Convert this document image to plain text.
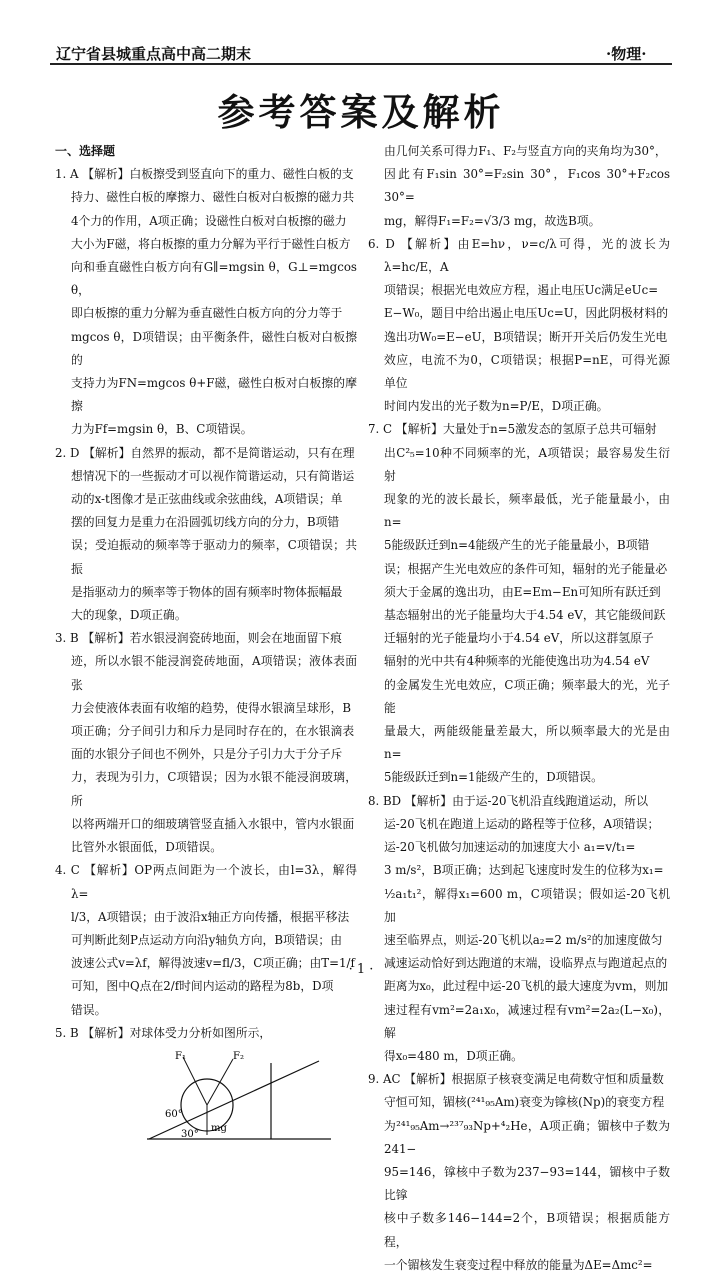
辽宁省县城重点高中高二期末	·物理·
参考答案及解析
一、选择题
1. A 【解析】白板擦受到竖直向下的重力、磁性白板的支
持力、磁性白板的摩擦力、磁性白板对白板擦的磁力共
4个力的作用，A项正确；设磁性白板对白板擦的磁力
大小为F磁，将白板擦的重力分解为平行于磁性白板方
向和垂直磁性白板方向有G∥=mgsin θ，G⊥=mgcos θ，
即白板擦的重力分解为垂直磁性白板方向的分力等于
mgcos θ，D项错误；由平衡条件，磁性白板对白板擦的
支持力为FN=mgcos θ+F磁，磁性白板对白板擦的摩擦
力为Ff=mgsin θ，B、C项错误。
2. D 【解析】自然界的振动，都不是简谐运动，只有在理
想情况下的一些振动才可以视作简谐运动，只有简谐运
动的x-t图像才是正弦曲线或余弦曲线，A项错误；单
摆的回复力是重力在沿圆弧切线方向的分力，B项错
误；受迫振动的频率等于驱动力的频率，C项错误；共振
是指驱动力的频率等于物体的固有频率时物体振幅最
大的现象，D项正确。
3. B 【解析】若水银浸润瓷砖地面，则会在地面留下痕
迹，所以水银不能浸润瓷砖地面，A项错误；液体表面张
力会使液体表面有收缩的趋势，使得水银滴呈球形，B
项正确；分子间引力和斥力是同时存在的，在水银滴表
面的水银分子间也不例外，只是分子引力大于分子斥
力，表现为引力，C项错误；因为水银不能浸润玻璃，所
以将两端开口的细玻璃管竖直插入水银中，管内水银面
比管外水银面低，D项错误。
4. C 【解析】OP两点间距为一个波长，由l=3λ，解得λ=
l/3，A项错误；由于波沿x轴正方向传播，根据平移法
可判断此刻P点运动方向沿y轴负方向，B项错误；由
波速公式v=λf，解得波速v=fl/3，C项正确；由T=1/f
可知，图中Q点在2/f时间内运动的路程为8b，D项
错误。
5. B 【解析】对球体受力分析如图所示，
F₁	F₂
mg
60°
30°
由几何关系可得力F₁、F₂与竖直方向的夹角均为30°，
因此有F₁sin 30°=F₂sin 30°，F₁cos 30°+F₂cos 30°=
mg，解得F₁=F₂=√3/3 mg，故选B项。
6. D 【解析】由E=hν，ν=c/λ可得，光的波长为λ=hc/E，A
项错误；根据光电效应方程，遏止电压Uc满足eUc=
E−W₀，题目中给出遏止电压Uc=U，因此阴极材料的
逸出功W₀=E−eU，B项错误；断开开关后仍发生光电
效应，电流不为0，C项错误；根据P=nE，可得光源单位
时间内发出的光子数为n=P/E，D项正确。
7. C 【解析】大量处于n=5激发态的氢原子总共可辐射
出C²₅=10种不同频率的光，A项错误；最容易发生衍射
现象的光的波长最长，频率最低，光子能量最小，由n=
5能级跃迁到n=4能级产生的光子能量最小，B项错
误；根据产生光电效应的条件可知，辐射的光子能量必
须大于金属的逸出功，由E=Em−En可知所有跃迁到
基态辐射出的光子能量均大于4.54 eV，其它能级间跃
迁辐射的光子能量均小于4.54 eV，所以这群氢原子
辐射的光中共有4种频率的光能使逸出功为4.54 eV
的金属发生光电效应，C项正确；频率最大的光，光子能
量最大，两能级能量差最大，所以频率最大的光是由n=
5能级跃迁到n=1能级产生的，D项错误。
8. BD 【解析】由于运-20飞机沿直线跑道运动，所以
运-20飞机在跑道上运动的路程等于位移，A项错误；
运-20飞机做匀加速运动的加速度大小 a₁=v/t₁=
3 m/s²，B项正确；达到起飞速度时发生的位移为x₁=
½a₁t₁²，解得x₁=600 m，C项错误；假如运-20飞机加
速至临界点，则运-20飞机以a₂=2 m/s²的加速度做匀
减速运动恰好到达跑道的末端，设临界点与跑道起点的
距离为x₀，此过程中运-20飞机的最大速度为vm，则加
速过程有vm²=2a₁x₀，减速过程有vm²=2a₂(L−x₀)，解
得x₀=480 m，D项正确。
9. AC 【解析】根据原子核衰变满足电荷数守恒和质量数
守恒可知，镅核(²⁴¹₉₅Am)衰变为镎核(Np)的衰变方程
为²⁴¹₉₅Am→²³⁷₉₃Np+⁴₂He，A项正确；镅核中子数为241−
95=146，镎核中子数为237−93=144，镅核中子数比镎
核中子数多146−144=2个，B项错误；根据质能方程，
一个镅核发生衰变过程中释放的能量为ΔE=Δmc²=
· 1 ·
